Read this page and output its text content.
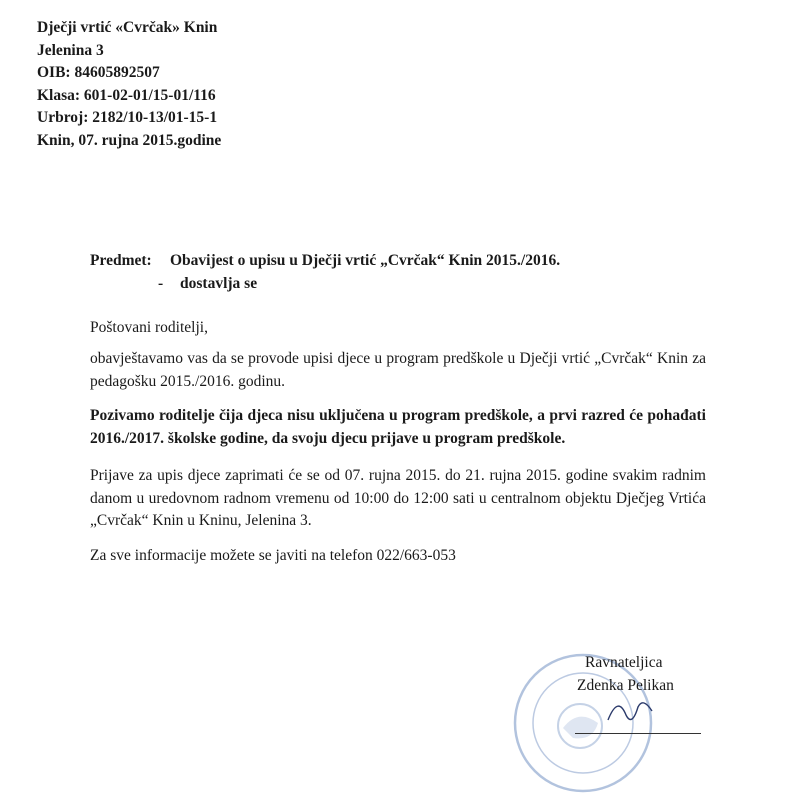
Dječji vrtić «Cvrčak» Knin
Jelenina 3
OIB: 84605892507
Klasa: 601-02-01/15-01/116
Urbroj: 2182/10-13/01-15-1
Knin, 07. rujna 2015.godine
Predmet: Obavijest o upisu u Dječji vrtić „Cvrčak“ Knin 2015./2016.
- dostavlja se
Poštovani roditelji,
obavještavamo vas da se provode upisi djece u program predškole u Dječji vrtić „Cvrčak“ Knin za pedagošku 2015./2016. godinu.
Pozivamo roditelje čija djeca nisu uključena u program predškole, a prvi razred će pohađati 2016./2017. školske godine, da svoju djecu prijave u program predškole.
Prijave za upis djece zaprimati će se od 07. rujna 2015. do 21. rujna 2015. godine svakim radnim danom u uredovnom radnom vremenu od 10:00 do 12:00 sati u centralnom objektu Dječjeg Vrtića „Cvrčak“ Knin u Kninu, Jelenina 3.
Za sve informacije možete se javiti na telefon 022/663-053
Ravnateljica
Zdenka Pelikan
